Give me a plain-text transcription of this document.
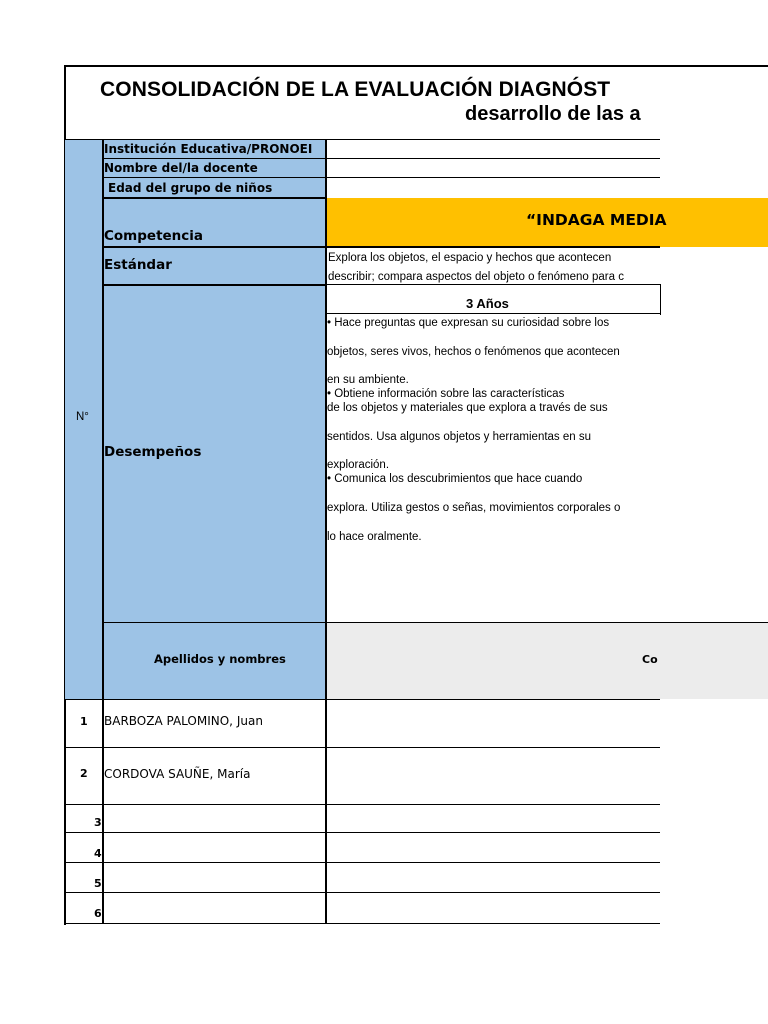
CONSOLIDACIÓN DE LA EVALUACIÓN DIAGNÓST
desarrollo de las a
“INDAGA MEDIA
Co
3 Años
Institución Educativa/PRONOEI
Nombre del/la docente
Edad del grupo de niños
Competencia
Estándar
Desempeños
N°
Apellidos y nombres
Explora los objetos, el espacio y hechos que acontecen
describir; compara aspectos del objeto o fenómeno para c
• Hace preguntas que expresan su curiosidad sobre los
objetos, seres vivos, hechos o fenómenos que acontecen
en su ambiente.
• Obtiene información sobre las características
de los objetos y materiales que explora a través de sus
sentidos. Usa algunos objetos y herramientas en su
exploración.
• Comunica los descubrimientos que hace cuando
explora. Utiliza gestos o señas, movimientos corporales o
lo hace oralmente.
1 BARBOZA PALOMINO, Juan
2 CORDOVA SAUÑE, María
3
4
5
6
